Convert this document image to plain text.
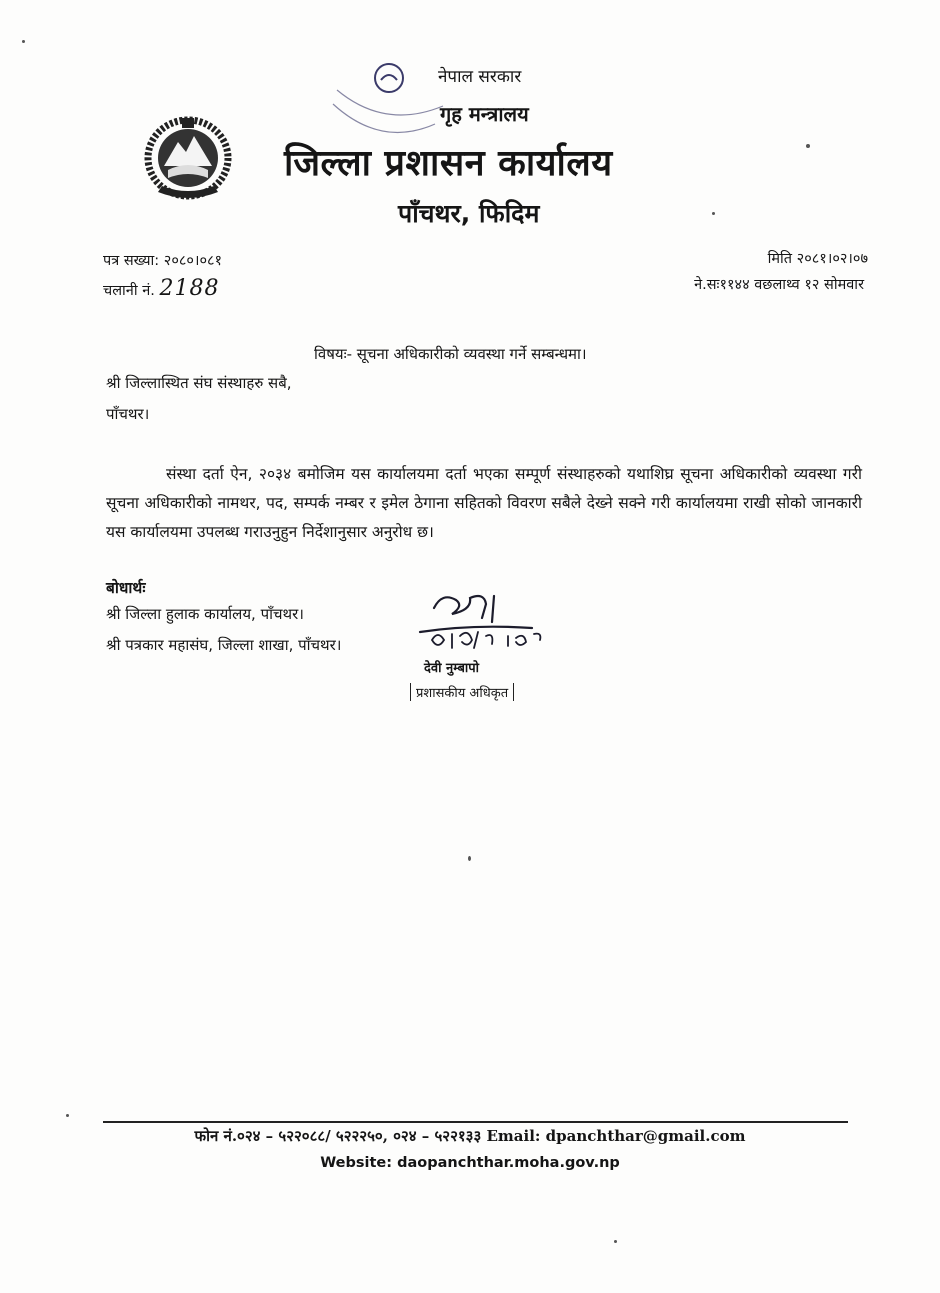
नेपाल सरकार
गृह मन्त्रालय
जिल्ला प्रशासन कार्यालय
पाँचथर, फिदिम
पत्र सख्या: २०८०।०८१
चलानी नं. 2188
मिति २०८१।०२।०७
ने.सः११४४ वछलाथ्व १२ सोमवार
विषयः- सूचना अधिकारीको व्यवस्था गर्ने सम्बन्धमा।
श्री जिल्लास्थित संघ संस्थाहरु सबै,
पाँचथर।
संस्था दर्ता ऐन, २०३४ बमोजिम यस कार्यालयमा दर्ता भएका सम्पूर्ण संस्थाहरुको यथाशिघ्र सूचना अधिकारीको व्यवस्था गरी सूचना अधिकारीको नामथर, पद, सम्पर्क नम्बर र इमेल ठेगाना सहितको विवरण सबैले देख्ने सक्ने गरी कार्यालयमा राखी सोको जानकारी यस कार्यालयमा उपलब्ध गराउनुहुन निर्देशानुसार अनुरोध छ।
बोधार्थः
श्री जिल्ला हुलाक कार्यालय, पाँचथर।
श्री पत्रकार महासंघ, जिल्ला शाखा, पाँचथर।
देवी नुम्बापो
प्रशासकीय अधिकृत
फोन नं.०२४ – ५२२०८८/ ५२२२५०, ०२४ – ५२२१३३ Email: dpanchthar@gmail.com
Website: daopanchthar.moha.gov.np
